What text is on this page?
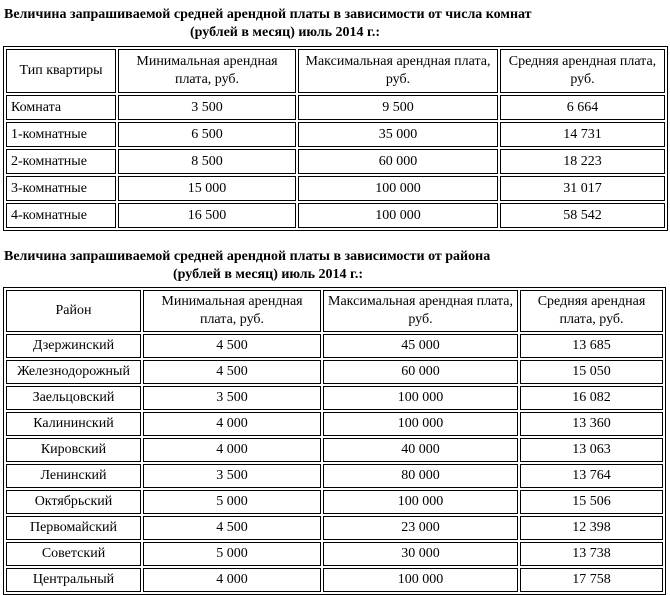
Величина запрашиваемой средней арендной платы в зависимости от числа комнат
(рублей в месяц) июль 2014 г.:
Тип квартиры	Минимальная арендная плата, руб.	Максимальная арендная плата, руб.	Средняя арендная плата, руб.
Комната	3 500	9 500	6 664
1-комнатные	6 500	35 000	14 731
2-комнатные	8 500	60 000	18 223
3-комнатные	15 000	100 000	31 017
4-комнатные	16 500	100 000	58 542
Величина запрашиваемой средней арендной платы в зависимости от района
(рублей в месяц) июль 2014 г.:
Район	Минимальная арендная плата, руб.	Максимальная арендная плата, руб.	Средняя арендная плата, руб.
Дзержинский	4 500	45 000	13 685
Железнодорожный	4 500	60 000	15 050
Заельцовский	3 500	100 000	16 082
Калининский	4 000	100 000	13 360
Кировский	4 000	40 000	13 063
Ленинский	3 500	80 000	13 764
Октябрьский	5 000	100 000	15 506
Первомайский	4 500	23 000	12 398
Советский	5 000	30 000	13 738
Центральный	4 000	100 000	17 758
